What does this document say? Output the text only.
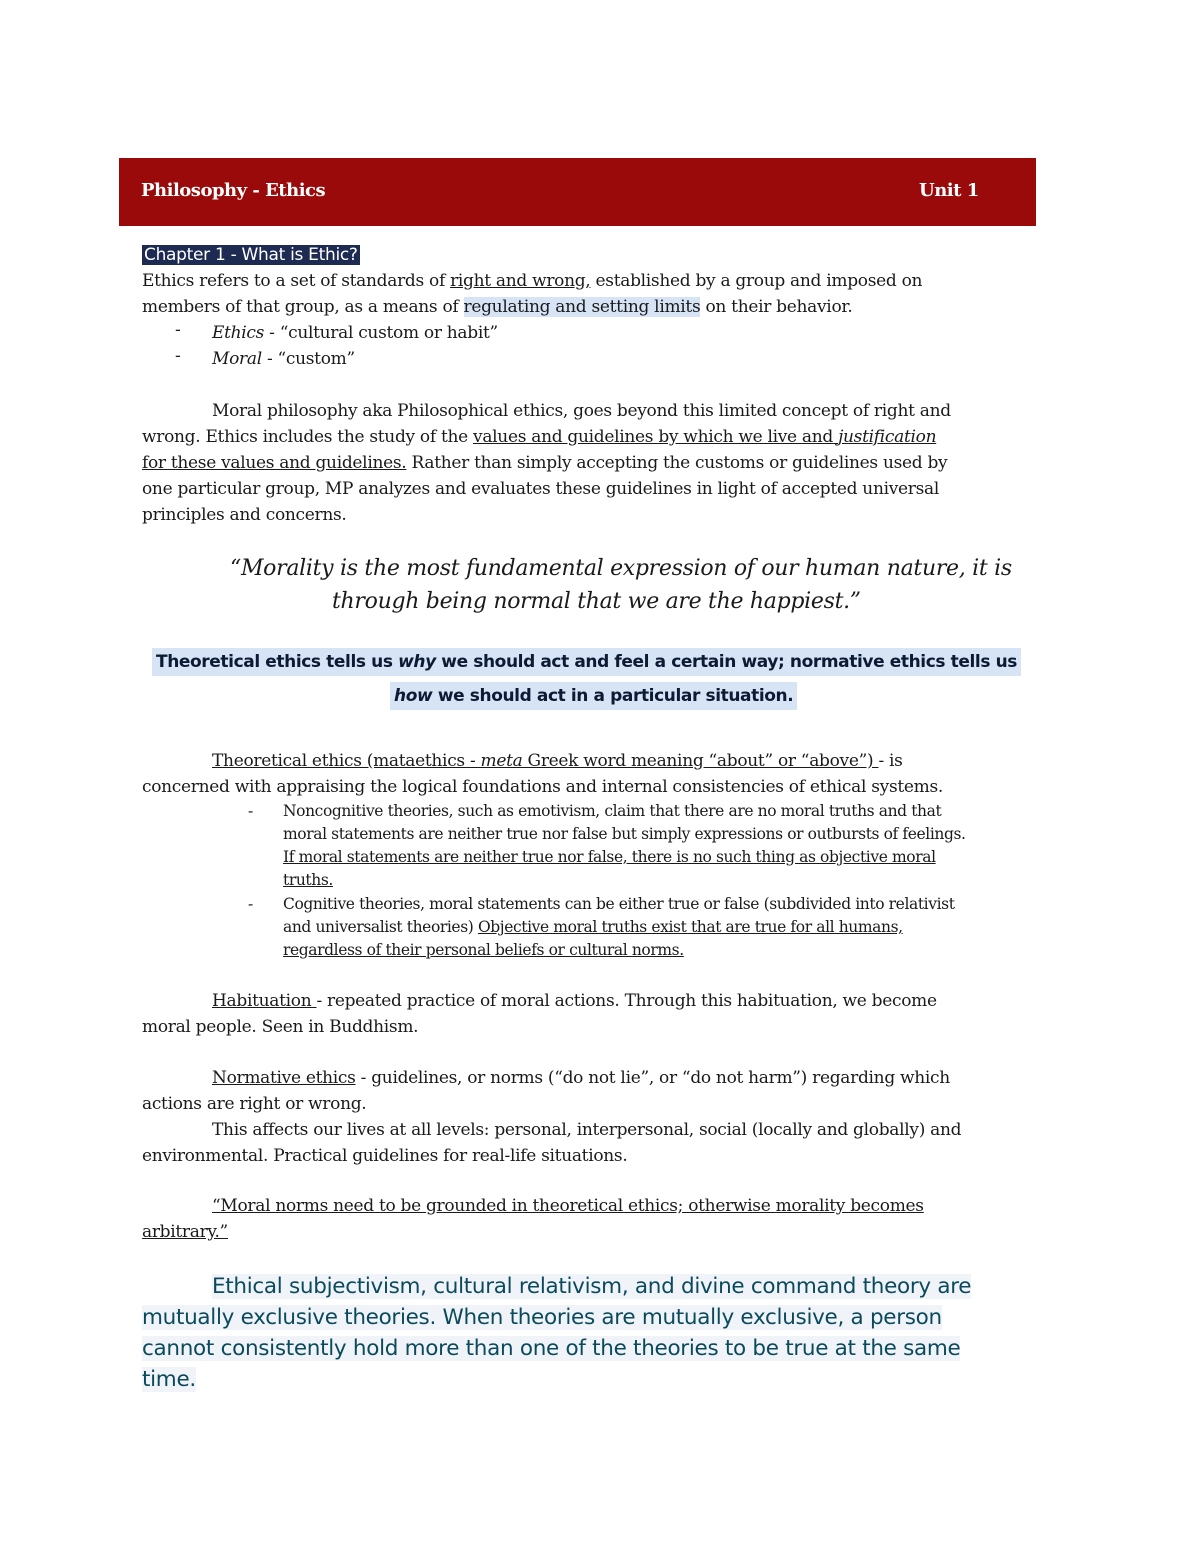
Philosophy - Ethics	Unit 1
Chapter 1 - What is Ethic?
Ethics refers to a set of standards of right and wrong, established by a group and imposed on
members of that group, as a means of regulating and setting limits on their behavior.
- Ethics - “cultural custom or habit”
- Moral - “custom”
Moral philosophy aka Philosophical ethics, goes beyond this limited concept of right and
wrong. Ethics includes the study of the values and guidelines by which we live and justification
for these values and guidelines. Rather than simply accepting the customs or guidelines used by
one particular group, MP analyzes and evaluates these guidelines in light of accepted universal
principles and concerns.
“Morality is the most fundamental expression of our human nature, it is
through being normal that we are the happiest.”
Theoretical ethics tells us why we should act and feel a certain way; normative ethics tells us
how we should act in a particular situation.
Theoretical ethics (mataethics - meta Greek word meaning “about” or “above”) - is
concerned with appraising the logical foundations and internal consistencies of ethical systems.
- Noncognitive theories, such as emotivism, claim that there are no moral truths and that
moral statements are neither true nor false but simply expressions or outbursts of feelings.
If moral statements are neither true nor false, there is no such thing as objective moral
truths.
- Cognitive theories, moral statements can be either true or false (subdivided into relativist
and universalist theories) Objective moral truths exist that are true for all humans,
regardless of their personal beliefs or cultural norms.
Habituation - repeated practice of moral actions. Through this habituation, we become
moral people. Seen in Buddhism.
Normative ethics - guidelines, or norms (“do not lie”, or “do not harm”) regarding which
actions are right or wrong.
This affects our lives at all levels: personal, interpersonal, social (locally and globally) and
environmental. Practical guidelines for real-life situations.
“Moral norms need to be grounded in theoretical ethics; otherwise morality becomes
arbitrary.”
Ethical subjectivism, cultural relativism, and divine command theory are
mutually exclusive theories. When theories are mutually exclusive, a person
cannot consistently hold more than one of the theories to be true at the same
time.
